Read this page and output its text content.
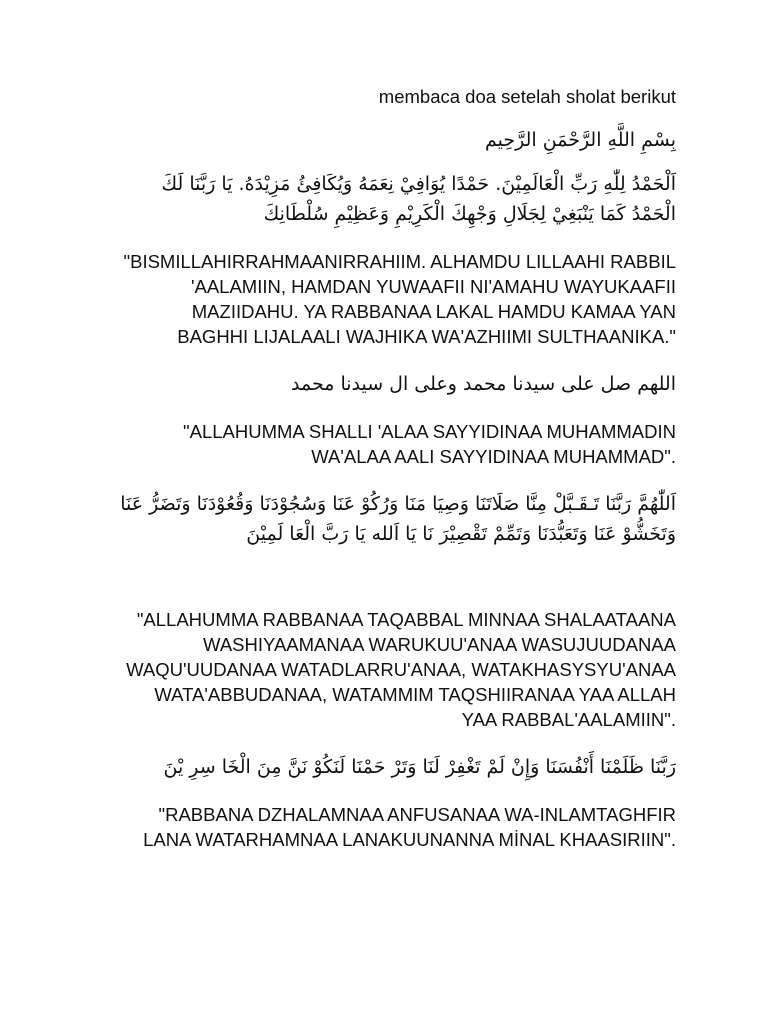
membaca doa setelah sholat berikut

بِسْمِ اللَّهِ الرَّحْمَنِ الرَّحِيم

اَلْحَمْدُ لِلّٰهِ رَبِّ الْعَالَمِيْنَ. حَمْدًا يُوَافِيْ نِعَمَهُ وَيُكَافِئُ مَزِيْدَهُ. يَا رَبَّنَا لَكَ الْحَمْدُ كَمَا يَنْبَغِيْ لِجَلَالِ وَجْهِكَ الْكَرِيْمِ وَعَظِيْمِ سُلْطَانِكَ

"BISMILLAHIRRAHMAANIRRAHIIM. ALHAMDU LILLAAHI RABBIL 'AALAMIIN, HAMDAN YUWAAFII NI'AMAHU WAYUKAAFII MAZIIDAHU. YA RABBANAA LAKAL HAMDU KAMAA YAN BAGHHI LIJALAALI WAJHIKA WA'AZHIIMI SULTHAANIKA."

اللهم صل على سيدنا محمد وعلى ال سيدنا محمد

"ALLAHUMMA SHALLI 'ALAA SAYYIDINAA MUHAMMADIN WA'ALAA AALI SAYYIDINAA MUHAMMAD".

اَللّٰهُمَّ رَبَّنَا تَـقَـبَّلْ مِنَّا صَلَاتَنَا وَصِيَا مَنَا وَرُكُوْ عَنَا وَسُجُوْدَنَا وَقُعُوْدَنَا وَتَضَرُّ عَنَا وَتَخَشُّوْ عَنَا وَتَعَبُّدَنَا وَتَمِّمْ تَقْصِيْرَ نَا يَا اَلله يَا رَبَّ الْعَا لَمِيْنَ

"ALLAHUMMA RABBANAA TAQABBAL MINNAA SHALAATAANA WASHIYAAMANAA WARUKUU'ANAA WASUJUUDANAA WAQU'UUDANAA WATADLARRU'ANAA, WATAKHASYSYU'ANAA WATA'ABBUDANAA, WATAMMIM TAQSHIIRANAA YAA ALLAH YAA RABBAL'AALAMIIN".

رَبَّنَا ظَلَمْنَا أَنْفُسَنَا وَإِنْ لَمْ تَغْفِرْ لَنَا وَتَرْ حَمْنَا لَنَكُوْ نَنَّ مِنَ الْخَا سِرِ يْنَ

"RABBANA DZHALAMNAA ANFUSANAA WA-INLAMTAGHFIR LANA WATARHAMNAA LANAKUUNANNA MİNAL KHAASIRIIN".
